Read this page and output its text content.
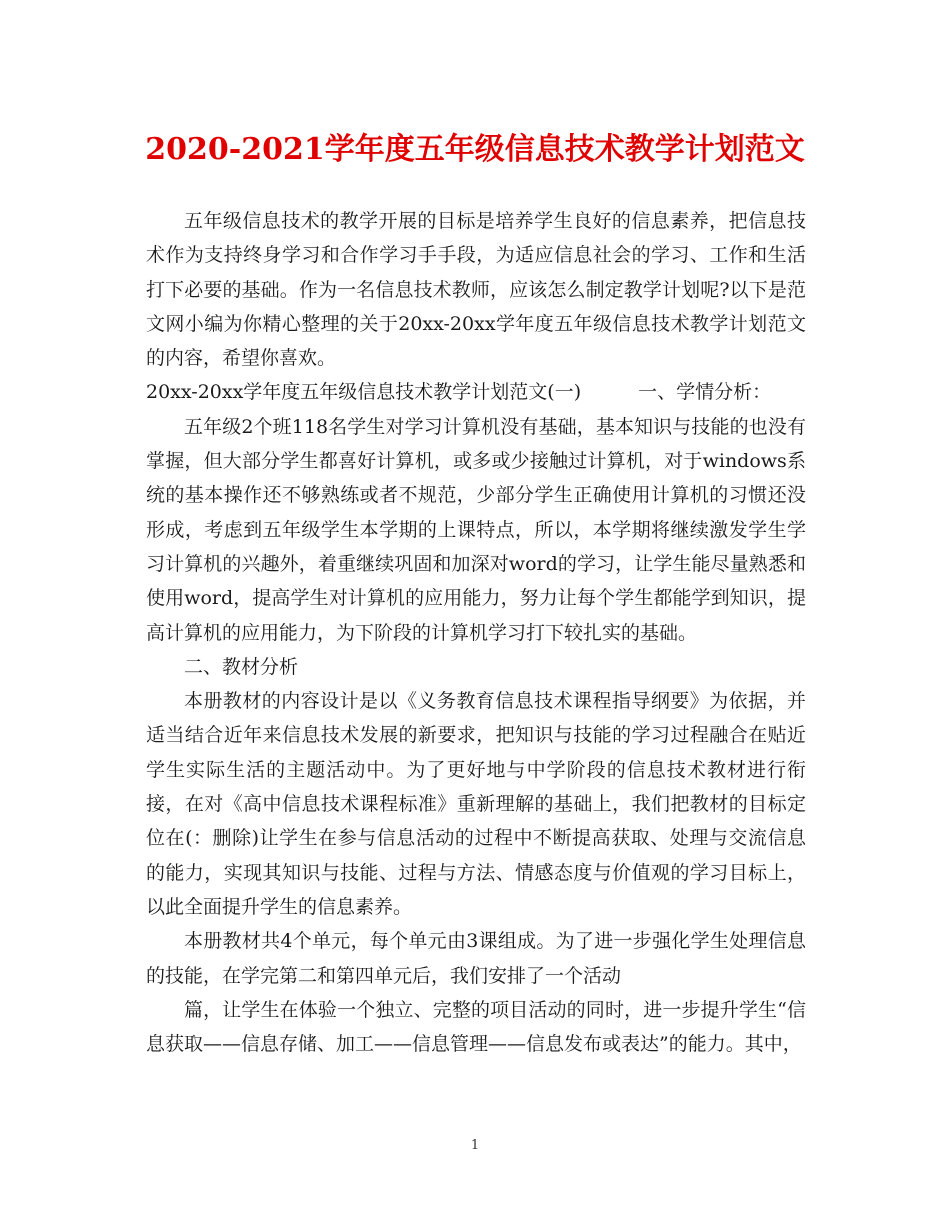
2020-2021学年度五年级信息技术教学计划范文

五年级信息技术的教学开展的目标是培养学生良好的信息素养，把信息技术作为支持终身学习和合作学习手手段，为适应信息社会的学习、工作和生活打下必要的基础。作为一名信息技术教师，应该怎么制定教学计划呢?以下是范文网小编为你精心整理的关于20xx-20xx学年度五年级信息技术教学计划范文的内容，希望你喜欢。

20xx-20xx学年度五年级信息技术教学计划范文(一)　　　一、学情分析：

五年级2个班118名学生对学习计算机没有基础，基本知识与技能的也没有掌握，但大部分学生都喜好计算机，或多或少接触过计算机，对于windows系统的基本操作还不够熟练或者不规范，少部分学生正确使用计算机的习惯还没形成，考虑到五年级学生本学期的上课特点，所以，本学期将继续激发学生学习计算机的兴趣外，着重继续巩固和加深对word的学习，让学生能尽量熟悉和使用word，提高学生对计算机的应用能力，努力让每个学生都能学到知识，提高计算机的应用能力，为下阶段的计算机学习打下较扎实的基础。

二、教材分析

本册教材的内容设计是以《义务教育信息技术课程指导纲要》为依据，并适当结合近年来信息技术发展的新要求，把知识与技能的学习过程融合在贴近学生实际生活的主题活动中。为了更好地与中学阶段的信息技术教材进行衔接，在对《高中信息技术课程标准》重新理解的基础上，我们把教材的目标定位在(：删除)让学生在参与信息活动的过程中不断提高获取、处理与交流信息的能力，实现其知识与技能、过程与方法、情感态度与价值观的学习目标上，以此全面提升学生的信息素养。

本册教材共4个单元，每个单元由3课组成。为了进一步强化学生处理信息的技能，在学完第二和第四单元后，我们安排了一个活动

篇，让学生在体验一个独立、完整的项目活动的同时，进一步提升学生“信息获取——信息存储、加工——信息管理——信息发布或表达”的能力。其中，

1
